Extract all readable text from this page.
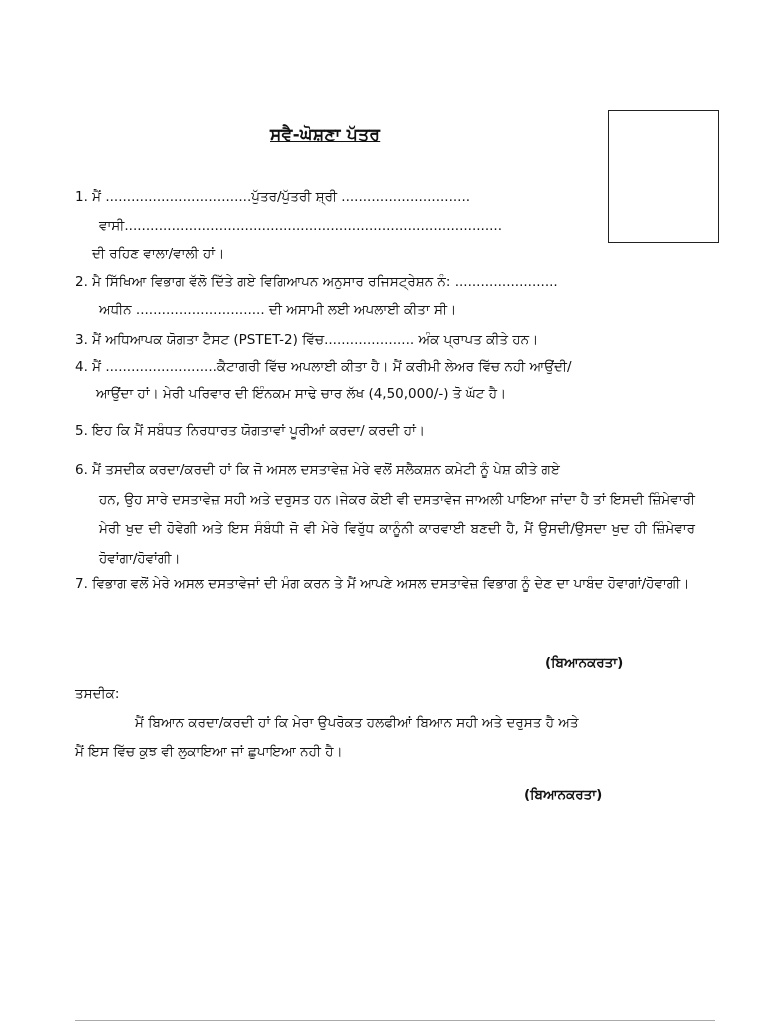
ਸਵੈ-ਘੋਸ਼ਣਾ ਪੱਤਰ
1. ਮੈਂ ..................................ਪੁੱਤਰ/ਪੁੱਤਰੀ ਸ਼੍ਰੀ ..............................
ਵਾਸੀ........................................................................................
ਦੀ ਰਹਿਣ ਵਾਲਾ/ਵਾਲੀ ਹਾਂ।
2. ਮੈ ਸਿੱਖਿਆ ਵਿਭਾਗ ਵੱਲੋ ਦਿੱਤੇ ਗਏ ਵਿਗਿਆਪਨ ਅਨੁਸਾਰ ਰਜਿਸਟ੍ਰੇਸ਼ਨ ਨੰ: ........................
ਅਧੀਨ .............................. ਦੀ ਅਸਾਮੀ ਲਈ ਅਪਲਾਈ ਕੀਤਾ ਸੀ।
3. ਮੈਂ ਅਧਿਆਪਕ ਯੋਗਤਾ ਟੈਸਟ (PSTET-2) ਵਿੱਚ..................... ਅੰਕ ਪ੍ਰਾਪਤ ਕੀਤੇ ਹਨ।
4. ਮੈਂ ..........................ਕੈਟਾਗਰੀ ਵਿੱਚ ਅਪਲਾਈ ਕੀਤਾ ਹੈ। ਮੈਂ ਕਰੀਮੀ ਲੇਅਰ ਵਿੱਚ ਨਹੀ ਆਉਂਦੀ/
ਆਉਂਦਾ ਹਾਂ। ਮੇਰੀ ਪਰਿਵਾਰ ਦੀ ਇੰਨਕਮ ਸਾਢੇ ਚਾਰ ਲੱਖ (4,50,000/-) ਤੋ ਘੱਟ ਹੈ।
5. ਇਹ ਕਿ ਮੈਂ ਸਬੰਧਤ ਨਿਰਧਾਰਤ ਯੋਗਤਾਵਾਂ ਪੂਰੀਆਂ ਕਰਦਾ/ ਕਰਦੀ ਹਾਂ।
6. ਮੈਂ ਤਸਦੀਕ ਕਰਦਾ/ਕਰਦੀ ਹਾਂ ਕਿ ਜੋ ਅਸਲ ਦਸਤਾਵੇਜ਼ ਮੇਰੇ ਵਲੋਂ ਸਲੈਕਸ਼ਨ ਕਮੇਟੀ ਨੂੰ ਪੇਸ਼ ਕੀਤੇ ਗਏ
ਹਨ, ਉਹ ਸਾਰੇ ਦਸਤਾਵੇਜ਼ ਸਹੀ ਅਤੇ ਦਰੁਸਤ ਹਨ।ਜੇਕਰ ਕੋਈ ਵੀ ਦਸਤਾਵੇਜ ਜਾਅਲੀ ਪਾਇਆ ਜਾਂਦਾ ਹੈ ਤਾਂ ਇਸਦੀ ਜ਼ਿੰਮੇਵਾਰੀ ਮੇਰੀ ਖੁਦ ਦੀ ਹੋਵੇਗੀ ਅਤੇ ਇਸ ਸੰਬੰਧੀ ਜੋ ਵੀ ਮੇਰੇ ਵਿਰੁੱਧ ਕਾਨੂੰਨੀ ਕਾਰਵਾਈ ਬਣਦੀ ਹੈ, ਮੈਂ ਉਸਦੀ/ਉਸਦਾ ਖੁਦ ਹੀ ਜ਼ਿੰਮੇਵਾਰ ਹੋਵਾਂਗਾ/ਹੋਵਾਂਗੀ।
7. ਵਿਭਾਗ ਵਲੋਂ ਮੇਰੇ ਅਸਲ ਦਸਤਾਵੇਜਾਂ ਦੀ ਮੰਗ ਕਰਨ ਤੇ ਮੈਂ ਆਪਣੇ ਅਸਲ ਦਸਤਾਵੇਜ਼ ਵਿਭਾਗ ਨੂੰ ਦੇਣ ਦਾ ਪਾਬੰਦ ਹੋਵਾਗਾਂ/ਹੋਵਾਗੀ।
(ਬਿਆਨਕਰਤਾ)
ਤਸਦੀਕ:
ਮੈਂ ਬਿਆਨ ਕਰਦਾ/ਕਰਦੀ ਹਾਂ ਕਿ ਮੇਰਾ ਉਪਰੋਕਤ ਹਲਫੀਆਂ ਬਿਆਨ ਸਹੀ ਅਤੇ ਦਰੁਸਤ ਹੈ ਅਤੇ
ਮੈਂ ਇਸ ਵਿੱਚ ਕੁਝ ਵੀ ਲੁਕਾਇਆ ਜਾਂ ਛੁਪਾਇਆ ਨਹੀ ਹੈ।
(ਬਿਆਨਕਰਤਾ)
